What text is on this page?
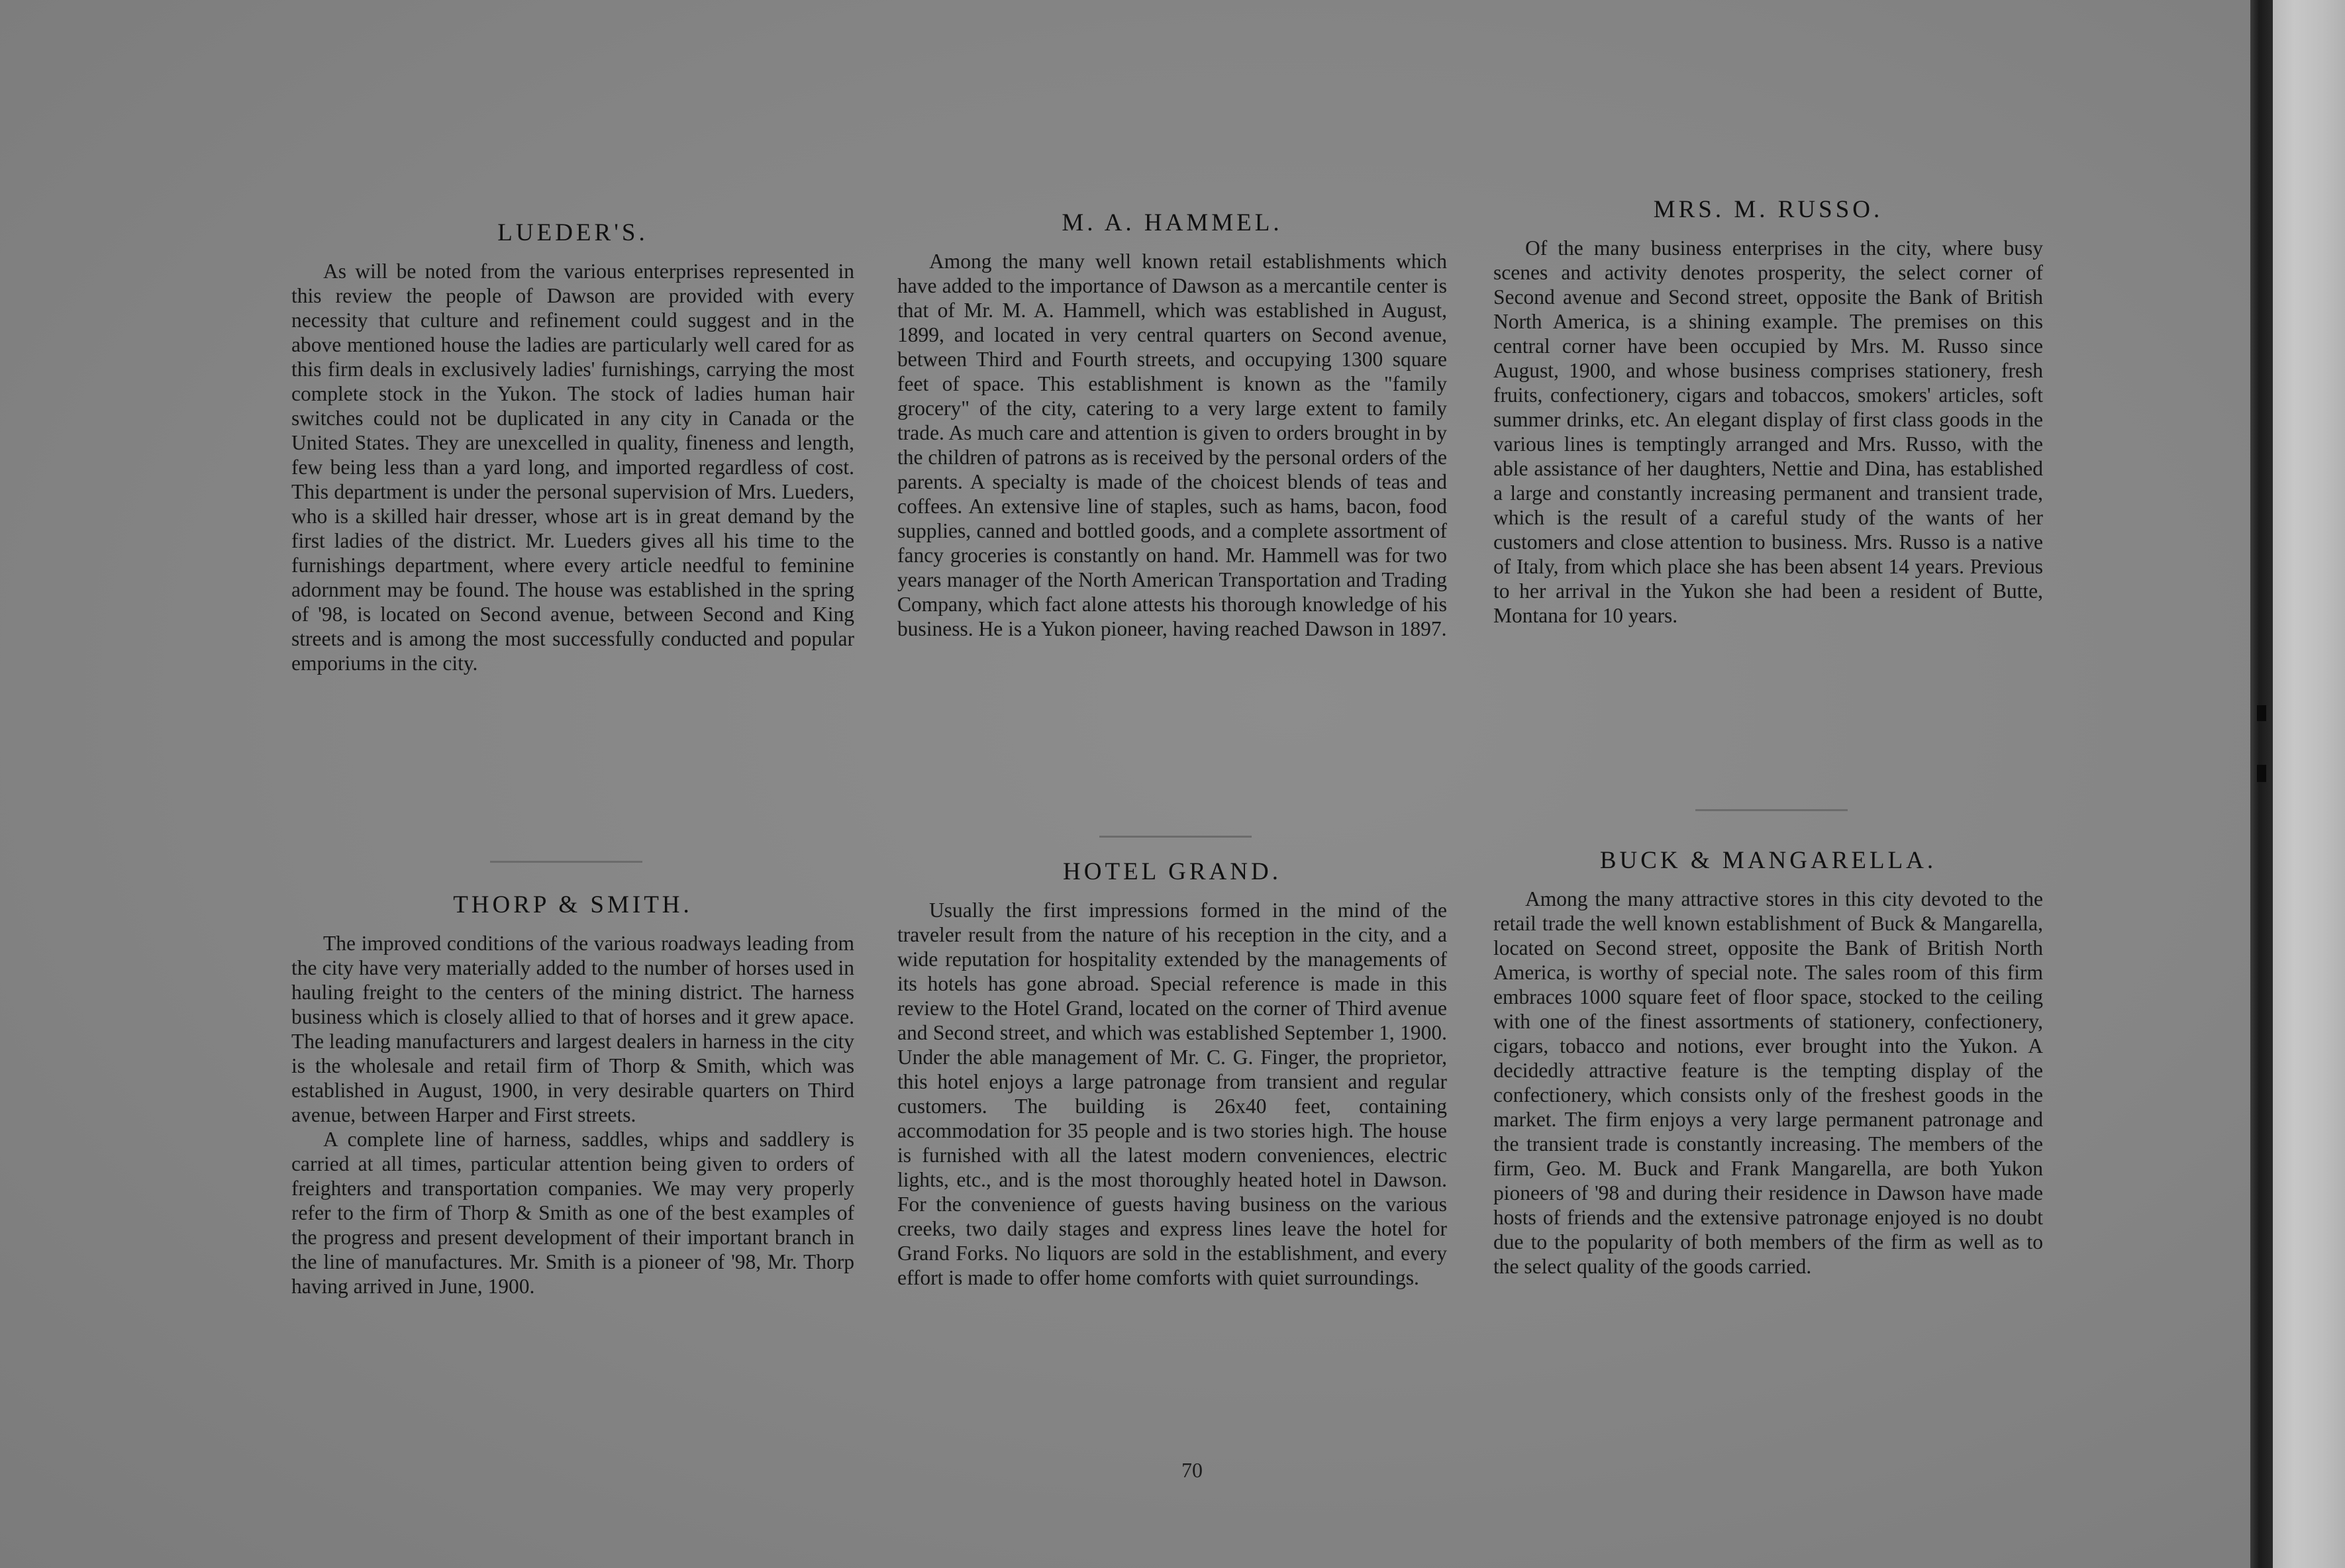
LUEDER'S.

As will be noted from the various enterprises represented in this review the people of Dawson are provided with every necessity that culture and refinement could suggest and in the above mentioned house the ladies are particularly well cared for as this firm deals in exclusively ladies' furnishings, carrying the most complete stock in the Yukon. The stock of ladies human hair switches could not be duplicated in any city in Canada or the United States. They are unexcelled in quality, fineness and length, few being less than a yard long, and imported regardless of cost. This department is under the personal supervision of Mrs. Lueders, who is a skilled hair dresser, whose art is in great demand by the first ladies of the district. Mr. Lueders gives all his time to the furnishings department, where every article needful to feminine adornment may be found. The house was established in the spring of '98, is located on Second avenue, between Second and King streets and is among the most successfully conducted and popular emporiums in the city.

THORP & SMITH.

The improved conditions of the various roadways leading from the city have very materially added to the number of horses used in hauling freight to the centers of the mining district. The harness business which is closely allied to that of horses and it grew apace. The leading manufacturers and largest dealers in harness in the city is the wholesale and retail firm of Thorp & Smith, which was established in August, 1900, in very desirable quarters on Third avenue, between Harper and First streets.

A complete line of harness, saddles, whips and saddlery is carried at all times, particular attention being given to orders of freighters and transportation companies. We may very properly refer to the firm of Thorp & Smith as one of the best examples of the progress and present development of their important branch in the line of manufactures. Mr. Smith is a pioneer of '98, Mr. Thorp having arrived in June, 1900.

M. A. HAMMEL.

Among the many well known retail establishments which have added to the importance of Dawson as a mercantile center is that of Mr. M. A. Hammell, which was established in August, 1899, and located in very central quarters on Second avenue, between Third and Fourth streets, and occupying 1300 square feet of space. This establishment is known as the "family grocery" of the city, catering to a very large extent to family trade. As much care and attention is given to orders brought in by the children of patrons as is received by the personal orders of the parents. A specialty is made of the choicest blends of teas and coffees. An extensive line of staples, such as hams, bacon, food supplies, canned and bottled goods, and a complete assortment of fancy groceries is constantly on hand. Mr. Hammell was for two years manager of the North American Transportation and Trading Company, which fact alone attests his thorough knowledge of his business. He is a Yukon pioneer, having reached Dawson in 1897.

HOTEL GRAND.

Usually the first impressions formed in the mind of the traveler result from the nature of his reception in the city, and a wide reputation for hospitality extended by the managements of its hotels has gone abroad. Special reference is made in this review to the Hotel Grand, located on the corner of Third avenue and Second street, and which was established September 1, 1900. Under the able management of Mr. C. G. Finger, the proprietor, this hotel enjoys a large patronage from transient and regular customers. The building is 26x40 feet, containing accommodation for 35 people and is two stories high. The house is furnished with all the latest modern conveniences, electric lights, etc., and is the most thoroughly heated hotel in Dawson. For the convenience of guests having business on the various creeks, two daily stages and express lines leave the hotel for Grand Forks. No liquors are sold in the establishment, and every effort is made to offer home comforts with quiet surroundings.

MRS. M. RUSSO.

Of the many business enterprises in the city, where busy scenes and activity denotes prosperity, the select corner of Second avenue and Second street, opposite the Bank of British North America, is a shining example. The premises on this central corner have been occupied by Mrs. M. Russo since August, 1900, and whose business comprises stationery, fresh fruits, confectionery, cigars and tobaccos, smokers' articles, soft summer drinks, etc. An elegant display of first class goods in the various lines is temptingly arranged and Mrs. Russo, with the able assistance of her daughters, Nettie and Dina, has established a large and constantly increasing permanent and transient trade, which is the result of a careful study of the wants of her customers and close attention to business. Mrs. Russo is a native of Italy, from which place she has been absent 14 years. Previous to her arrival in the Yukon she had been a resident of Butte, Montana for 10 years.

BUCK & MANGARELLA.

Among the many attractive stores in this city devoted to the retail trade the well known establishment of Buck & Mangarella, located on Second street, opposite the Bank of British North America, is worthy of special note. The sales room of this firm embraces 1000 square feet of floor space, stocked to the ceiling with one of the finest assortments of stationery, confectionery, cigars, tobacco and notions, ever brought into the Yukon. A decidedly attractive feature is the tempting display of the confectionery, which consists only of the freshest goods in the market. The firm enjoys a very large permanent patronage and the transient trade is constantly increasing. The members of the firm, Geo. M. Buck and Frank Mangarella, are both Yukon pioneers of '98 and during their residence in Dawson have made hosts of friends and the extensive patronage enjoyed is no doubt due to the popularity of both members of the firm as well as to the select quality of the goods carried.

70
